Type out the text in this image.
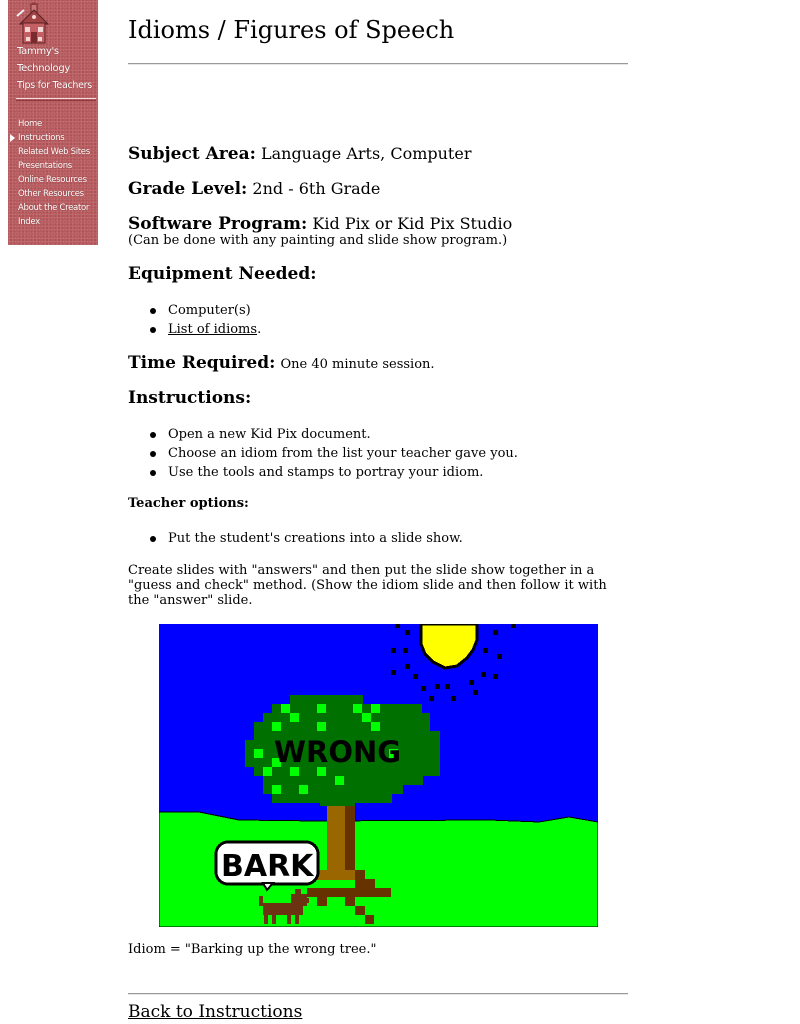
Tammy's
Technology
Tips for Teachers
Home
Instructions
Related Web Sites
Presentations
Online Resources
Other Resources
About the Creator
Index
Idioms / Figures of Speech
Subject Area: Language Arts, Computer
Grade Level: 2nd - 6th Grade
Software Program: Kid Pix or Kid Pix Studio
(Can be done with any painting and slide show program.)
Equipment Needed:
Computer(s)
List of idioms.
Time Required: One 40 minute session.
Instructions:
Open a new Kid Pix document.
Choose an idiom from the list your teacher gave you.
Use the tools and stamps to portray your idiom.
Teacher options:
Put the student's creations into a slide show.

Create slides with "answers" and then put the slide show together in a "guess and check" method. (Show the idiom slide and then follow it with the "answer" slide.

WRONG
BARK
Idiom = "Barking up the wrong tree."
Back to Instructions
